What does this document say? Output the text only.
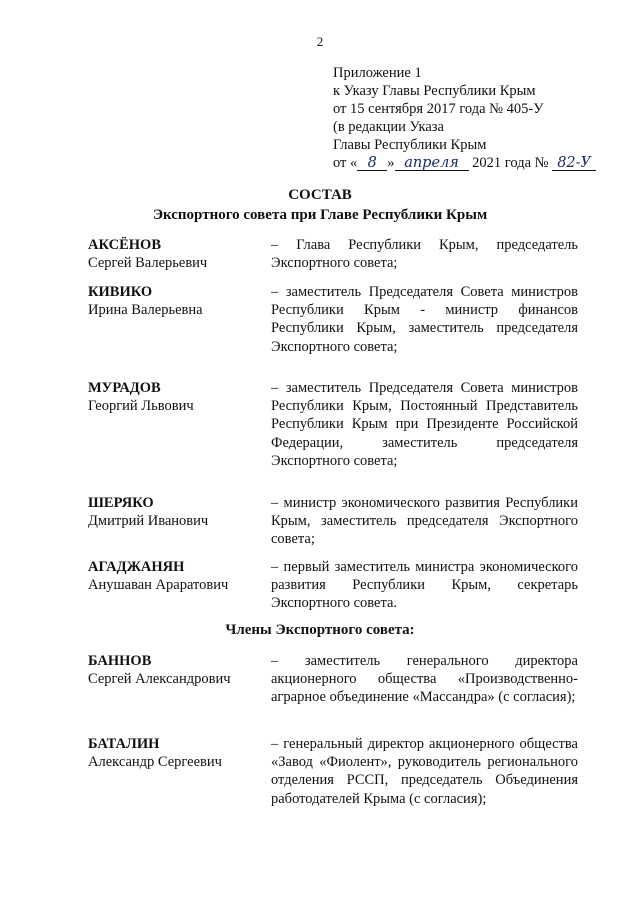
2
Приложение 1
к Указу Главы Республики Крым
от 15 сентября 2017 года № 405-У
(в редакции Указа
Главы Республики Крым
от « 8 » апреля 2021 года № 82-У
СОСТАВ
Экспортного совета при Главе Республики Крым
АКСЁНОВ
Сергей Валерьевич
– Глава Республики Крым, председатель Экспортного совета;
КИВИКО
Ирина Валерьевна
– заместитель Председателя Совета министров Республики Крым - министр финансов Республики Крым, заместитель председателя Экспортного совета;
МУРАДОВ
Георгий Львович
– заместитель Председателя Совета министров Республики Крым, Постоянный Представитель Республики Крым при Президенте Российской Федерации, заместитель председателя Экспортного совета;
ШЕРЯКО
Дмитрий Иванович
– министр экономического развития Республики Крым, заместитель председателя Экспортного совета;
АГАДЖАНЯН
Анушаван Араратович
– первый заместитель министра экономического развития Республики Крым, секретарь Экспортного совета.
Члены Экспортного совета:
БАННОВ
Сергей Александрович
– заместитель генерального директора акционерного общества «Производственно-аграрное объединение «Массандра» (с согласия);
БАТАЛИН
Александр Сергеевич
– генеральный директор акционерного общества «Завод «Фиолент», руководитель регионального отделения РССП, председатель Объединения работодателей Крыма (с согласия);
